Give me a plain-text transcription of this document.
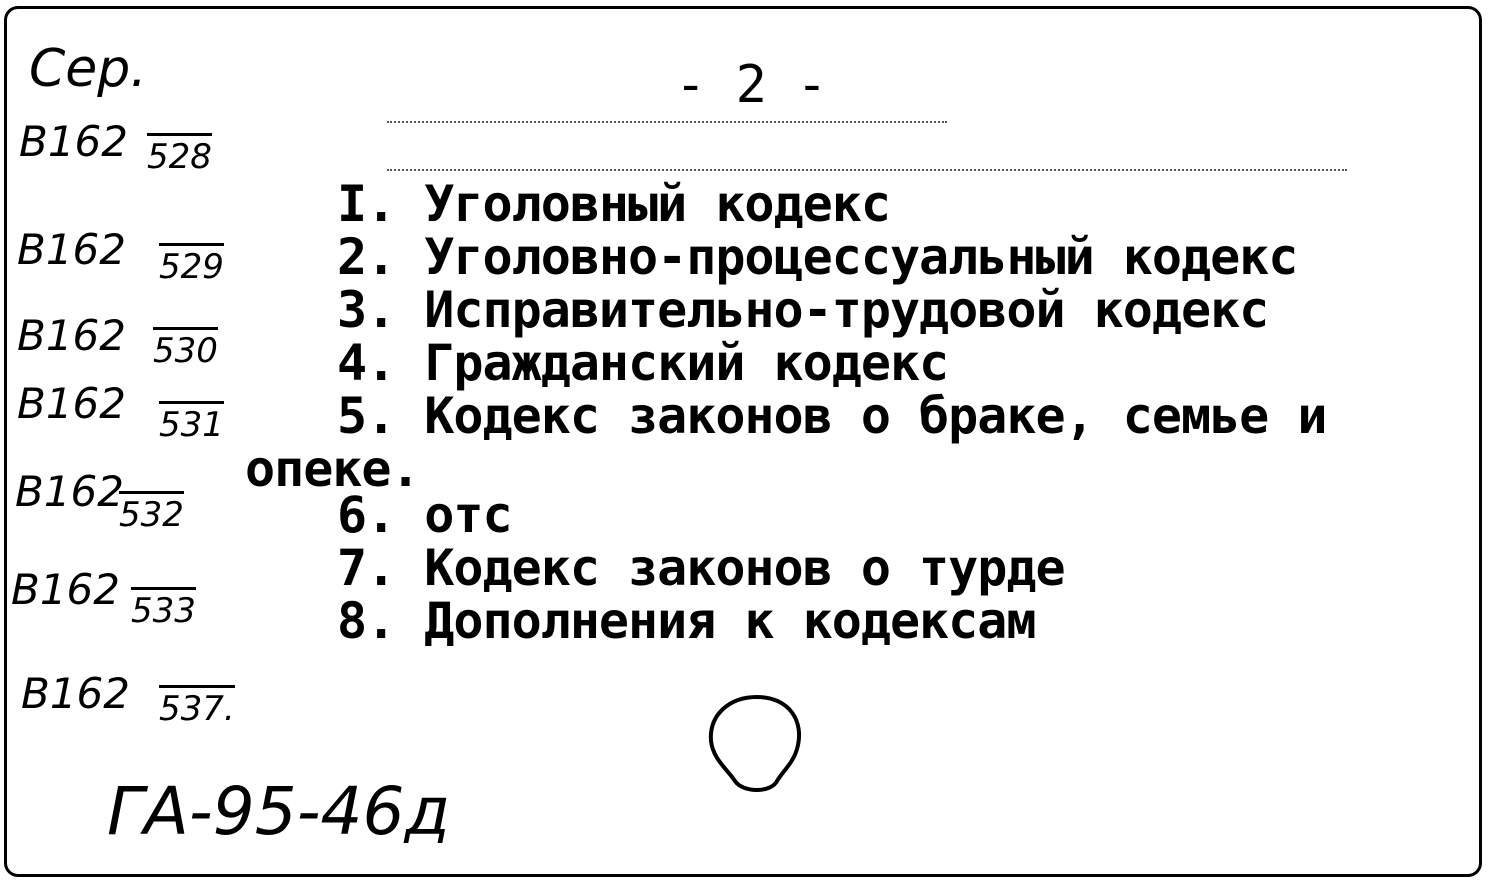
Сер.	- 2 -
B162 528
B162 529
B162 530
B162 531
B162
532
B162 533
B162 537.
I. Уголовный кодекс
2. Уголовно-процессуальный кодекс
3. Исправительно-трудовой кодекс
4. Гражданский кодекс
5. Кодекс законов о браке, семье и
опеке.
6. отс
7. Кодекс законов о турде
8. Дополнения к кодексам
ГА-95-46д
